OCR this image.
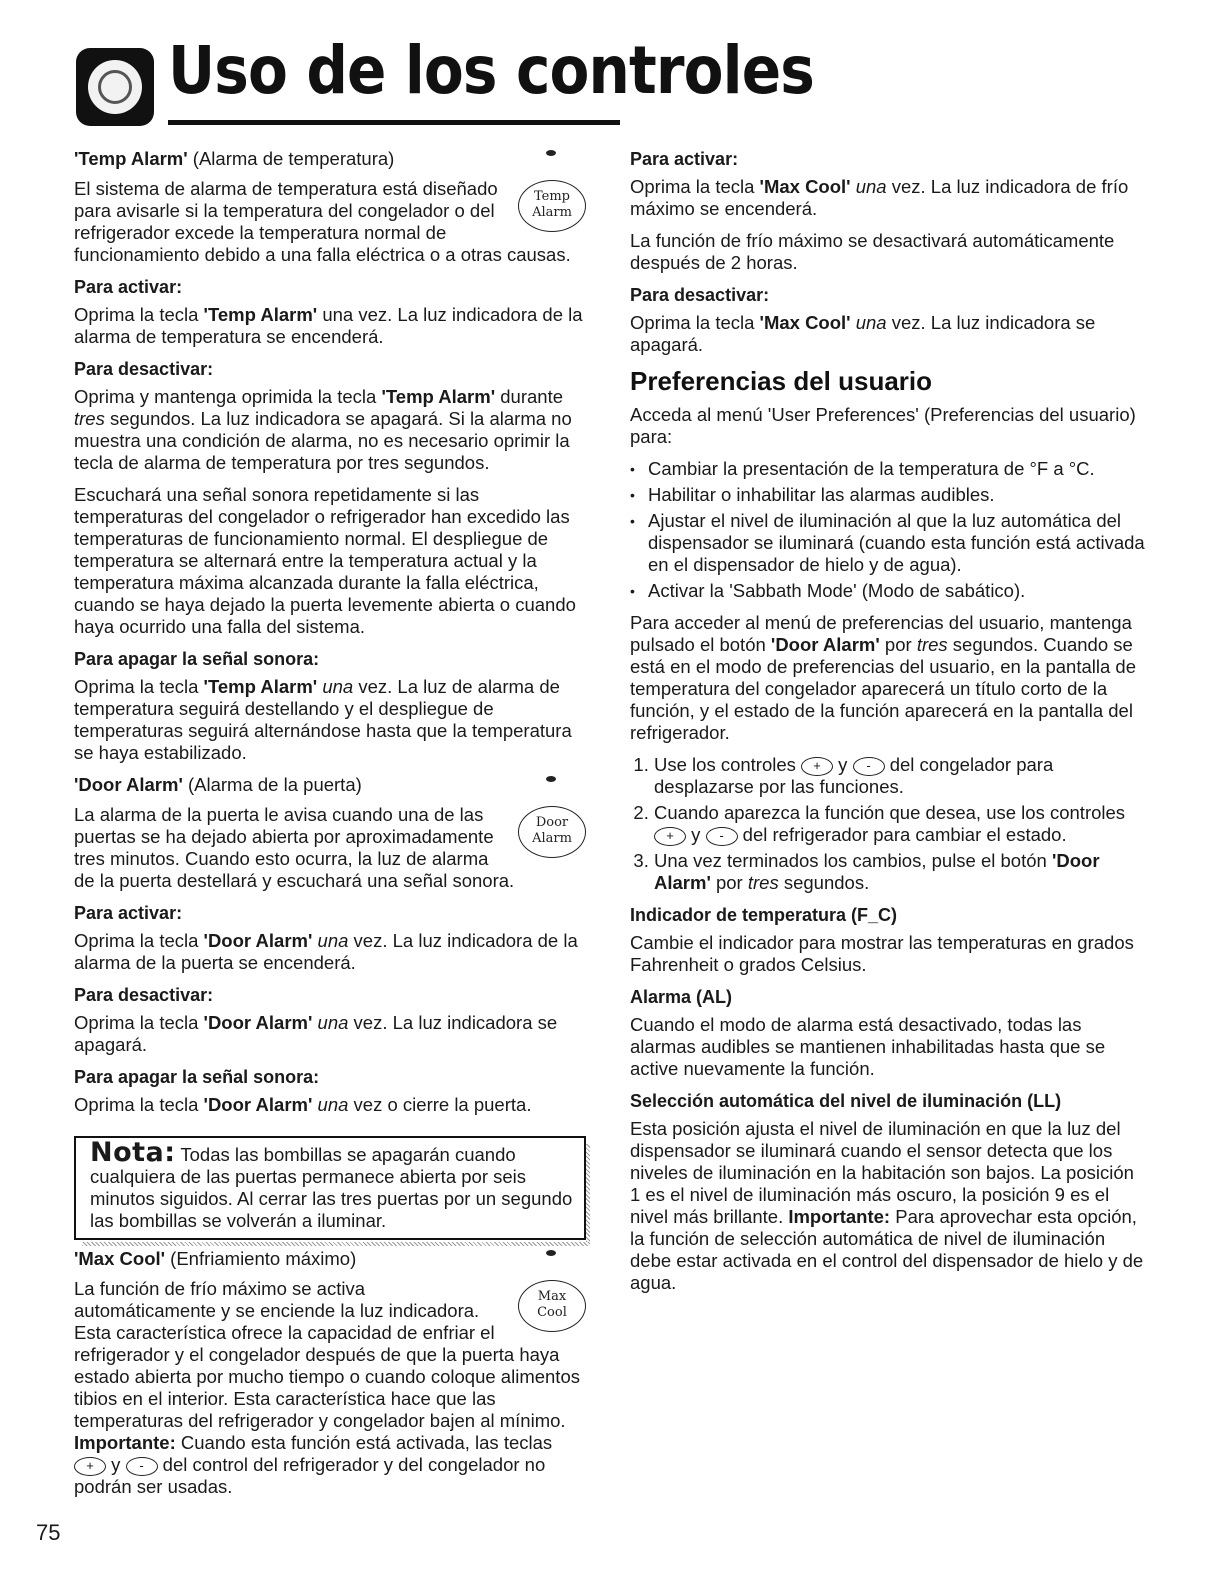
Uso de los controles
'Temp Alarm' (Alarma de temperatura)
Temp
Alarm

El sistema de alarma de temperatura está diseñado para avisarle si la temperatura del congelador o del refrigerador excede la temperatura normal de funcionamiento debido a una falla eléctrica o a otras causas.

Para activar:

Oprima la tecla 'Temp Alarm' una vez. La luz indicadora de la alarma de temperatura se encenderá.

Para desactivar:

Oprima y mantenga oprimida la tecla 'Temp Alarm' durante tres segundos. La luz indicadora se apagará. Si la alarma no muestra una condición de alarma, no es necesario oprimir la tecla de alarma de temperatura por tres segundos.

Escuchará una señal sonora repetidamente si las temperaturas del congelador o refrigerador han excedido las temperaturas de funcionamiento normal. El despliegue de temperatura se alternará entre la temperatura actual y la temperatura máxima alcanzada durante la falla eléctrica, cuando se haya dejado la puerta levemente abierta o cuando haya ocurrido una falla del sistema.

Para apagar la señal sonora:

Oprima la tecla 'Temp Alarm' una vez. La luz de alarma de temperatura seguirá destellando y el despliegue de temperaturas seguirá alternándose hasta que la temperatura se haya estabilizado.

'Door Alarm' (Alarma de la puerta)
Door
Alarm

La alarma de la puerta le avisa cuando una de las puertas se ha dejado abierta por aproximadamente tres minutos. Cuando esto ocurra, la luz de alarma de la puerta destellará y escuchará una señal sonora.

Para activar:

Oprima la tecla 'Door Alarm' una vez. La luz indicadora de la alarma de la puerta se encenderá.

Para desactivar:

Oprima la tecla 'Door Alarm' una vez. La luz indicadora se apagará.

Para apagar la señal sonora:

Oprima la tecla 'Door Alarm' una vez o cierre la puerta.

Nota: Todas las bombillas se apagarán cuando cualquiera de las puertas permanece abierta por seis minutos siguidos. Al cerrar las tres puertas por un segundo las bombillas se volverán a iluminar.

'Max Cool' (Enfriamiento máximo)
Max
Cool

La función de frío máximo se activa automáticamente y se enciende la luz indicadora. Esta característica ofrece la capacidad de enfriar el refrigerador y el congelador después de que la puerta haya estado abierta por mucho tiempo o cuando coloque alimentos tibios en el interior. Esta característica hace que las temperaturas del refrigerador y congelador bajen al mínimo. Importante: Cuando esta función está activada, las teclas + y - del control del refrigerador y del congelador no podrán ser usadas.

Para activar:

Oprima la tecla 'Max Cool' una vez. La luz indicadora de frío máximo se encenderá.

La función de frío máximo se desactivará automáticamente después de 2 horas.

Para desactivar:

Oprima la tecla 'Max Cool' una vez. La luz indicadora se apagará.

Preferencias del usuario

Acceda al menú 'User Preferences' (Preferencias del usuario) para:

• Cambiar la presentación de la temperatura de °F a °C.
• Habilitar o inhabilitar las alarmas audibles.
• Ajustar el nivel de iluminación al que la luz automática del dispensador se iluminará (cuando esta función está activada en el dispensador de hielo y de agua).
• Activar la 'Sabbath Mode' (Modo de sabático).

Para acceder al menú de preferencias del usuario, mantenga pulsado el botón 'Door Alarm' por tres segundos. Cuando se está en el modo de preferencias del usuario, en la pantalla de temperatura del congelador aparecerá un título corto de la función, y el estado de la función aparecerá en la pantalla del refrigerador.

1. Use los controles + y - del congelador para desplazarse por las funciones.
2. Cuando aparezca la función que desea, use los controles + y - del refrigerador para cambiar el estado.
3. Una vez terminados los cambios, pulse el botón 'Door Alarm' por tres segundos.
Indicador de temperatura (F_C)

Cambie el indicador para mostrar las temperaturas en grados Fahrenheit o grados Celsius.

Alarma (AL)

Cuando el modo de alarma está desactivado, todas las alarmas audibles se mantienen inhabilitadas hasta que se active nuevamente la función.

Selección automática del nivel de iluminación (LL)

Esta posición ajusta el nivel de iluminación en que la luz del dispensador se iluminará cuando el sensor detecta que los niveles de iluminación en la habitación son bajos. La posición 1 es el nivel de iluminación más oscuro, la posición 9 es el nivel más brillante. Importante: Para aprovechar esta opción, la función de selección automática de nivel de iluminación debe estar activada en el control del dispensador de hielo y de agua.

75
